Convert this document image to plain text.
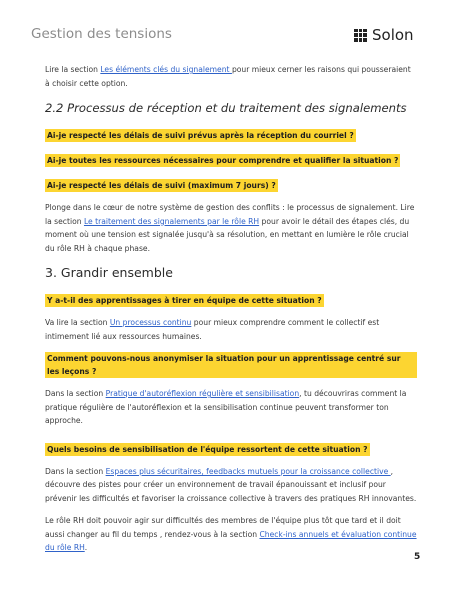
Gestion des tensions	Solon

Lire la section Les éléments clés du signalement pour mieux cerner les raisons qui pousseraient à choisir cette option.

2.2 Processus de réception et du traitement des signalements
Ai-je respecté les délais de suivi prévus après la réception du courriel ?
Ai-je toutes les ressources nécessaires pour comprendre et qualifier la situation ?
Ai-je respecté les délais de suivi (maximum 7 jours) ?

Plonge dans le cœur de notre système de gestion des conflits : le processus de signalement. Lire la section Le traitement des signalements par le rôle RH pour avoir le détail des étapes clés, du moment où une tension est signalée jusqu'à sa résolution, en mettant en lumière le rôle crucial du rôle RH à chaque phase.

3. Grandir ensemble
Y a-t-il des apprentissages à tirer en équipe de cette situation ?

Va lire la section Un processus continu pour mieux comprendre comment le collectif est intimement lié aux ressources humaines.

Comment pouvons-nous anonymiser la situation pour un apprentissage centré sur les leçons ?

Dans la section Pratique d'autoréflexion régulière et sensibilisation, tu découvriras comment la pratique régulière de l'autoréflexion et la sensibilisation continue peuvent transformer ton approche.

Quels besoins de sensibilisation de l'équipe ressortent de cette situation ?

Dans la section Espaces plus sécuritaires, feedbacks mutuels pour la croissance collective , découvre des pistes pour créer un environnement de travail épanouissant et inclusif pour prévenir les difficultés et favoriser la croissance collective à travers des pratiques RH innovantes.

Le rôle RH doit pouvoir agir sur difficultés des membres de l'équipe plus tôt que tard et il doit aussi changer au fil du temps , rendez-vous à la section Check-ins annuels et évaluation continue du rôle RH.

5
